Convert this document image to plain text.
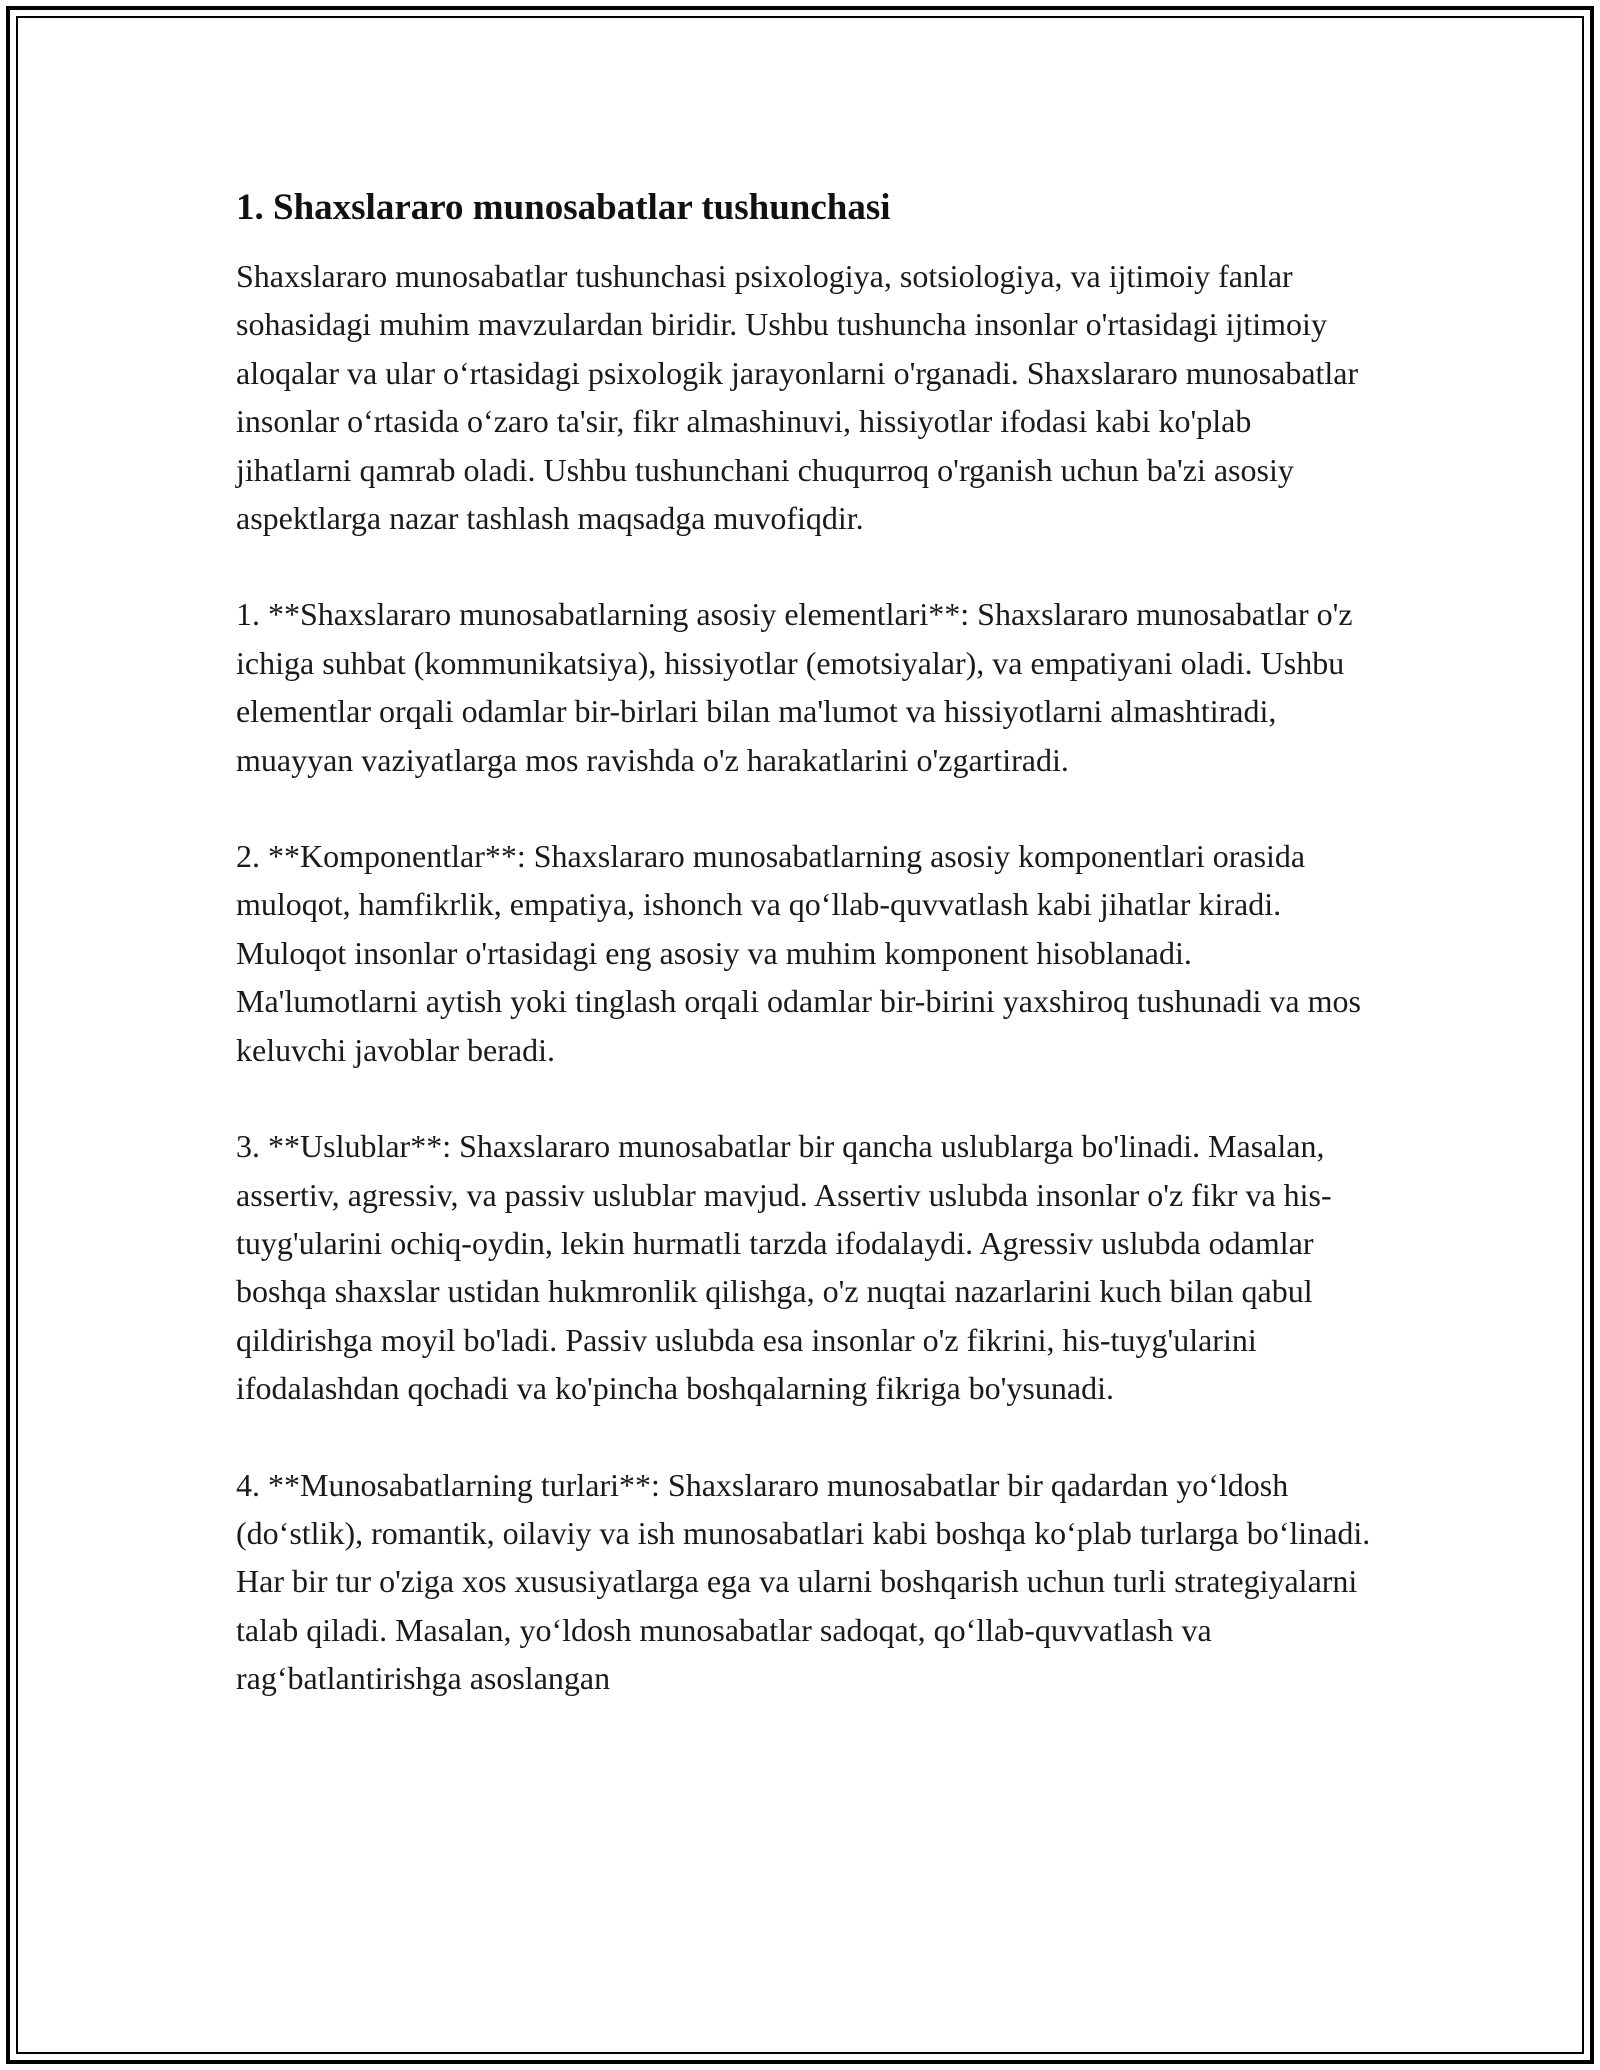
1. Shaxslararo munosabatlar tushunchasi

Shaxslararo munosabatlar tushunchasi psixologiya, sotsiologiya, va ijtimoiy fanlar sohasidagi muhim mavzulardan biridir. Ushbu tushuncha insonlar o'rtasidagi ijtimoiy aloqalar va ular o‘rtasidagi psixologik jarayonlarni o'rganadi. Shaxslararo munosabatlar insonlar o‘rtasida o‘zaro ta'sir, fikr almashinuvi, hissiyotlar ifodasi kabi ko'plab jihatlarni qamrab oladi. Ushbu tushunchani chuqurroq o'rganish uchun ba'zi asosiy aspektlarga nazar tashlash maqsadga muvofiqdir.

1. **Shaxslararo munosabatlarning asosiy elementlari**: Shaxslararo munosabatlar o'z ichiga suhbat (kommunikatsiya), hissiyotlar (emotsiyalar), va empatiyani oladi. Ushbu elementlar orqali odamlar bir-birlari bilan ma'lumot va hissiyotlarni almashtiradi, muayyan vaziyatlarga mos ravishda o'z harakatlarini o'zgartiradi.

2. **Komponentlar**: Shaxslararo munosabatlarning asosiy komponentlari orasida muloqot, hamfikrlik, empatiya, ishonch va qo‘llab-quvvatlash kabi jihatlar kiradi. Muloqot insonlar o'rtasidagi eng asosiy va muhim komponent hisoblanadi. Ma'lumotlarni aytish yoki tinglash orqali odamlar bir-birini yaxshiroq tushunadi va mos keluvchi javoblar beradi.

3. **Uslublar**: Shaxslararo munosabatlar bir qancha uslublarga bo'linadi. Masalan, assertiv, agressiv, va passiv uslublar mavjud. Assertiv uslubda insonlar o'z fikr va his-tuyg'ularini ochiq-oydin, lekin hurmatli tarzda ifodalaydi. Agressiv uslubda odamlar boshqa shaxslar ustidan hukmronlik qilishga, o'z nuqtai nazarlarini kuch bilan qabul qildirishga moyil bo'ladi. Passiv uslubda esa insonlar o'z fikrini, his-tuyg'ularini ifodalashdan qochadi va ko'pincha boshqalarning fikriga bo'ysunadi.

4. **Munosabatlarning turlari**: Shaxslararo munosabatlar bir qadardan yo‘ldosh (do‘stlik), romantik, oilaviy va ish munosabatlari kabi boshqa ko‘plab turlarga bo‘linadi. Har bir tur o'ziga xos xususiyatlarga ega va ularni boshqarish uchun turli strategiyalarni talab qiladi. Masalan, yo‘ldosh munosabatlar sadoqat, qo‘llab-quvvatlash va rag‘batlantirishga asoslangan
